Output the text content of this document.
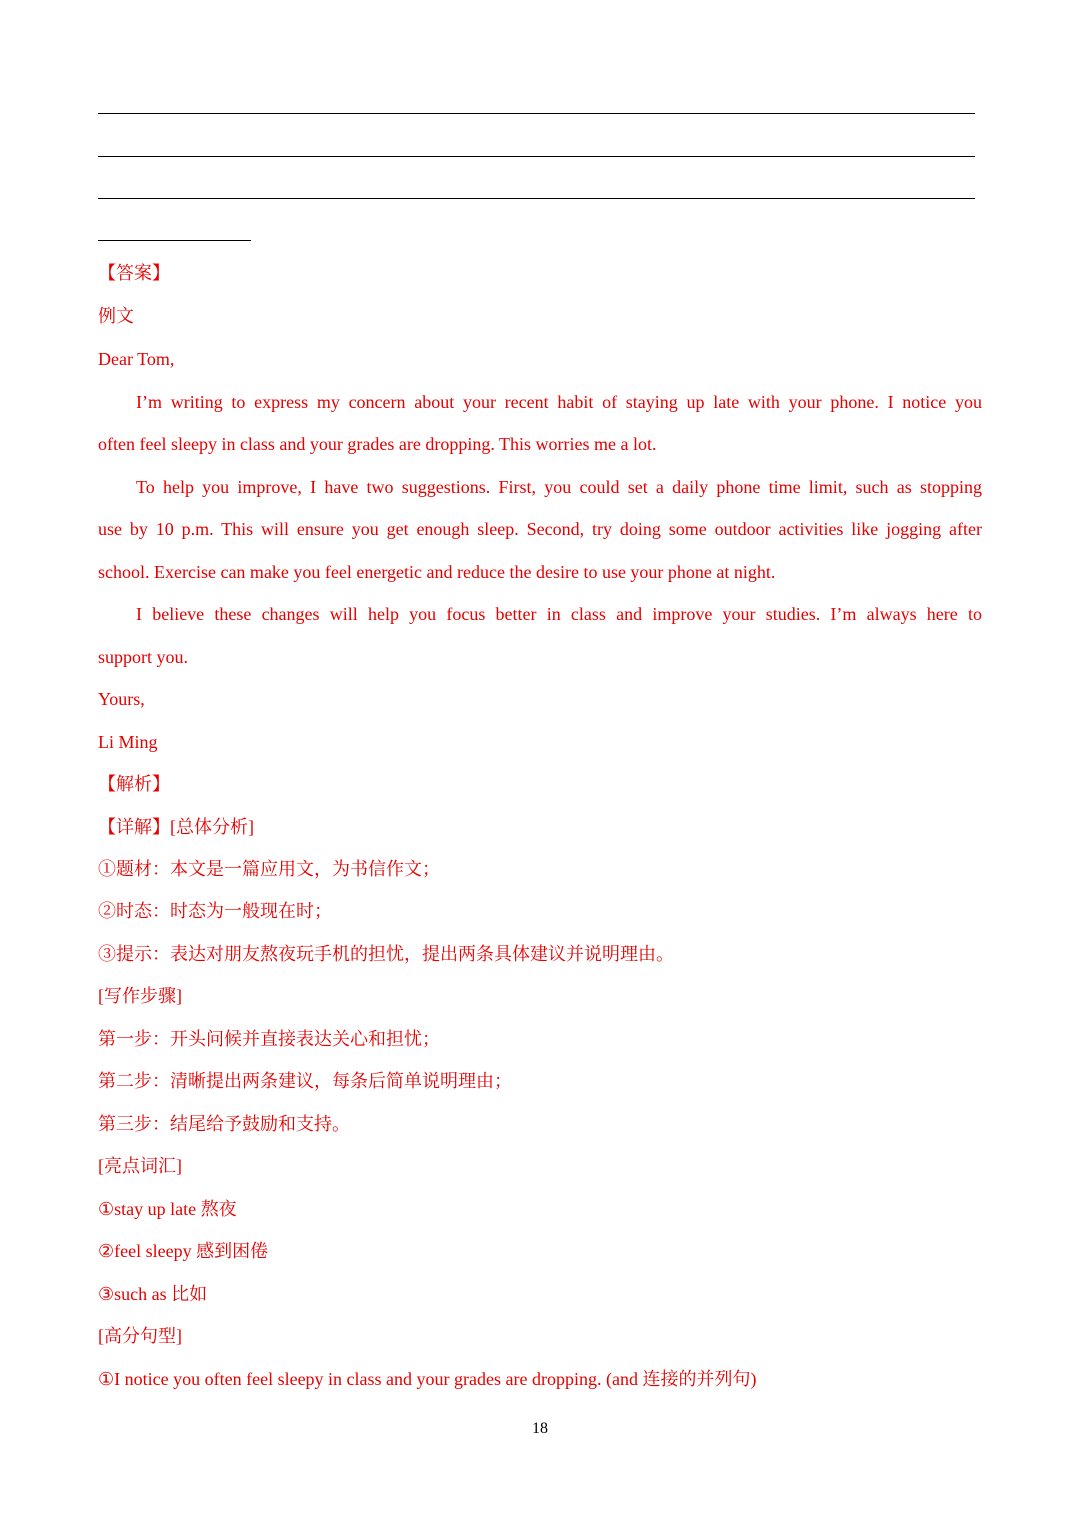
【答案】
例文
Dear Tom,
I’m writing to express my concern about your recent habit of staying up late with your phone. I notice you
often feel sleepy in class and your grades are dropping. This worries me a lot.
To help you improve, I have two suggestions. First, you could set a daily phone time limit, such as stopping
use by 10 p.m. This will ensure you get enough sleep. Second, try doing some outdoor activities like jogging after
school. Exercise can make you feel energetic and reduce the desire to use your phone at night.
I believe these changes will help you focus better in class and improve your studies. I’m always here to
support you.
Yours,
Li Ming
【解析】
【详解】[总体分析]
①题材：本文是一篇应用文，为书信作文；
②时态：时态为一般现在时；
③提示：表达对朋友熬夜玩手机的担忧，提出两条具体建议并说明理由。
[写作步骤]
第一步：开头问候并直接表达关心和担忧；
第二步：清晰提出两条建议，每条后简单说明理由；
第三步：结尾给予鼓励和支持。
[亮点词汇]
①stay up late 熬夜
②feel sleepy 感到困倦
③such as 比如
[高分句型]
①I notice you often feel sleepy in class and your grades are dropping. (and 连接的并列句)
18
